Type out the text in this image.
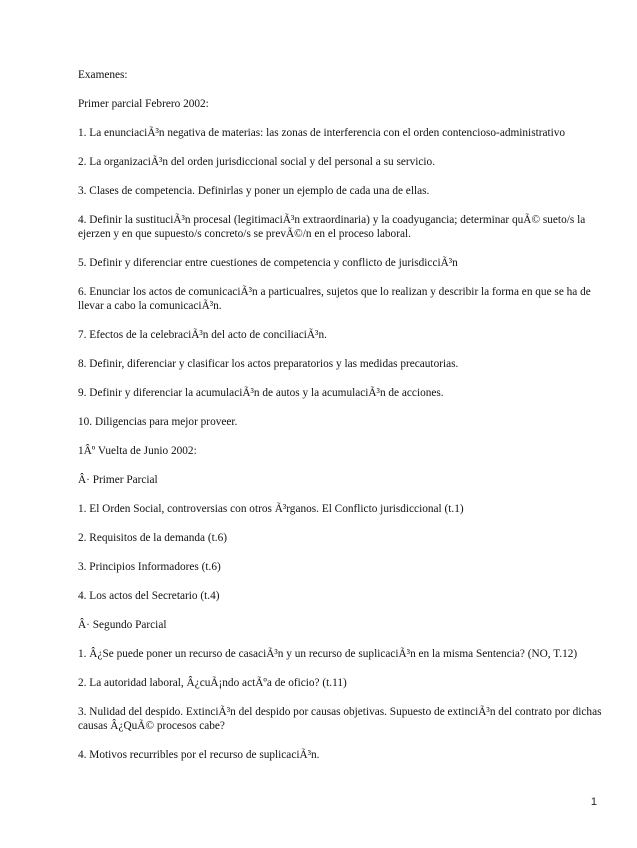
Examenes:

Primer parcial Febrero 2002:

1. La enunciaciÃ³n negativa de materias: las zonas de interferencia con el orden contencioso-administrativo

2. La organizaciÃ³n del orden jurisdiccional social y del personal a su servicio.

3. Clases de competencia. Definirlas y poner un ejemplo de cada una de ellas.

4. Definir la sustituciÃ³n procesal (legitimaciÃ³n extraordinaria) y la coadyugancia; determinar quÃ© sueto/s la ejerzen y en que supuesto/s concreto/s se prevÃ©/n en el proceso laboral.

5. Definir y diferenciar entre cuestiones de competencia y conflicto de jurisdicciÃ³n

6. Enunciar los actos de comunicaciÃ³n a particualres, sujetos que lo realizan y describir la forma en que se ha de llevar a cabo la comunicaciÃ³n.

7. Efectos de la celebraciÃ³n del acto de conciliaciÃ³n.

8. Definir, diferenciar y clasificar los actos preparatorios y las medidas precautorias.

9. Definir y diferenciar la acumulaciÃ³n de autos y la acumulaciÃ³n de acciones.

10. Diligencias para mejor proveer.

1Âº Vuelta de Junio 2002:

Â· Primer Parcial

1. El Orden Social, controversias con otros Ã³rganos. El Conflicto jurisdiccional (t.1)

2. Requisitos de la demanda (t.6)

3. Principios Informadores (t.6)

4. Los actos del Secretario (t.4)

Â· Segundo Parcial

1. Â¿Se puede poner un recurso de casaciÃ³n y un recurso de suplicaciÃ³n en la misma Sentencia? (NO, T.12)

2. La autoridad laboral, Â¿cuÃ¡ndo actÃºa de oficio? (t.11)

3. Nulidad del despido. ExtinciÃ³n del despido por causas objetivas. Supuesto de extinciÃ³n del contrato por dichas causas Â¿QuÃ© procesos cabe?

4. Motivos recurribles por el recurso de suplicaciÃ³n.

1
